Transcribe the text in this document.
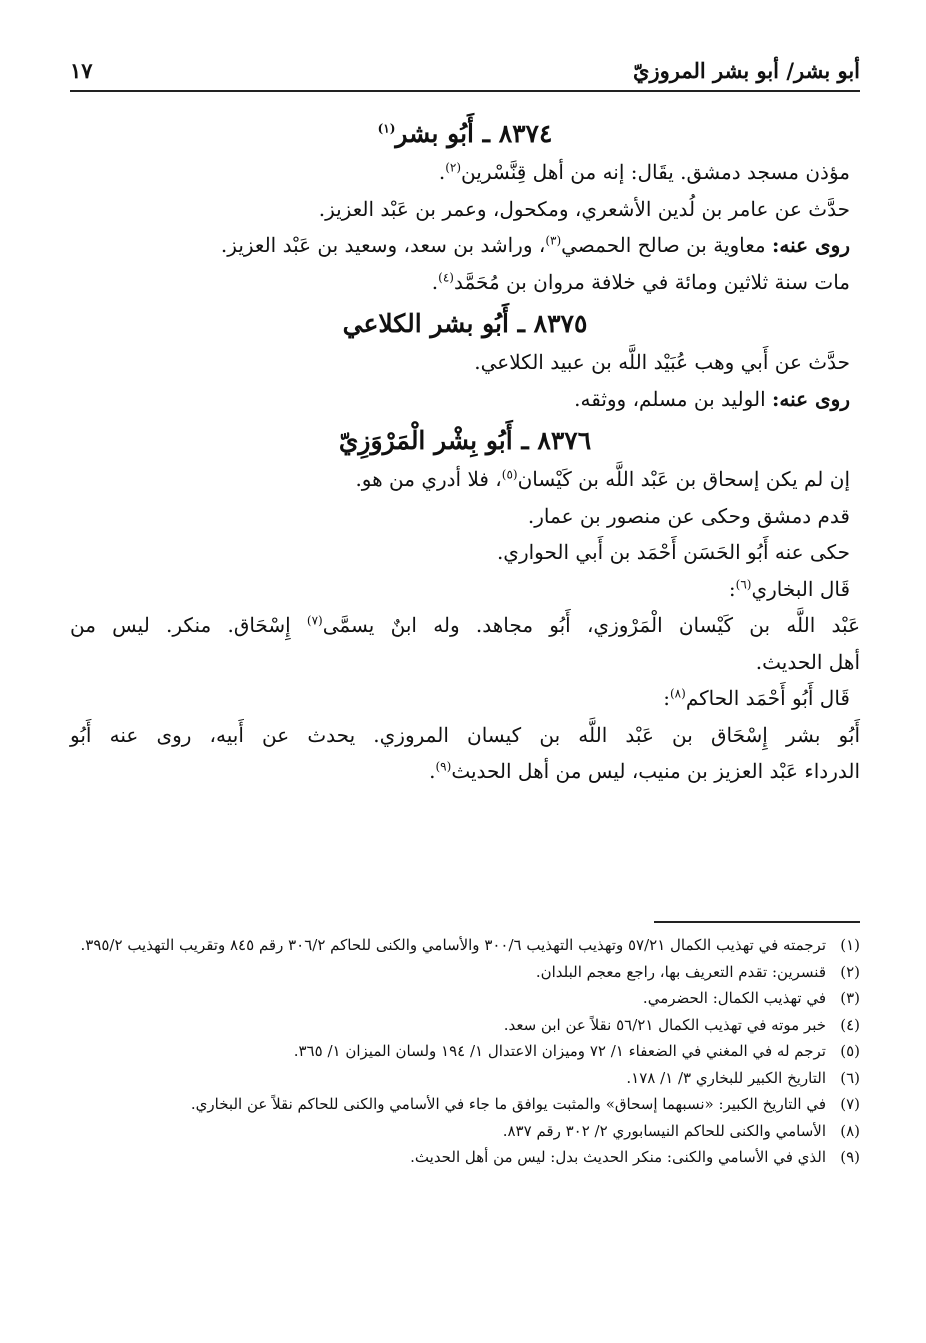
أبو بشر/ أبو بشر المروزيّ
١٧
٨٣٧٤ ـ أَبُو بشر$^{(١)}$
مؤذن مسجد دمشق. يقَال: إنه من أهل قِنَّسْرين$^{(٢)}$.
حدَّث عن عامر بن لُدين الأشعري، ومكحول، وعمر بن عَبْد العزيز.
روى عنه: معاوية بن صالح الحمصي$^{(٣)}$، وراشد بن سعد، وسعيد بن عَبْد العزيز.
مات سنة ثلاثين ومائة في خلافة مروان بن مُحَمَّد$^{(٤)}$.
٨٣٧٥ ـ أَبُو بشر الكلاعي
حدَّث عن أَبي وهب عُبَيْد اللَّه بن عبيد الكلاعي.
روى عنه: الوليد بن مسلم، ووثقه.
٨٣٧٦ ـ أَبُو بِشْر الْمَرْوَزِيّ
إن لم يكن إسحاق بن عَبْد اللَّه بن كَيْسان$^{(٥)}$، فلا أدري من هو.
قدم دمشق وحكى عن منصور بن عمار.
حكى عنه أَبُو الحَسَن أَحْمَد بن أَبي الحواري.
قَال البخاري$^{(٦)}$:
عَبْد اللَّه بن كَيْسان الْمَرْوزي، أَبُو مجاهد. وله ابنٌ يسمَّى$^{(٧)}$ إِسْحَاق. منكر. ليس من
أهل الحديث.
قَال أَبُو أَحْمَد الحاكم$^{(٨)}$:
أَبُو بشر إِسْحَاق بن عَبْد اللَّه بن كيسان المروزي. يحدث عن أَبيه، روى عنه أَبُو
الدرداء عَبْد العزيز بن منيب، ليس من أهل الحديث$^{(٩)}$.
(١)
ترجمته في تهذيب الكمال ٥٧/٢١ وتهذيب التهذيب ٣٠٠/٦ والأسامي والكنى للحاكم ٣٠٦/٢ رقم ٨٤٥ وتقريب التهذيب ٣٩٥/٢.
(٢)
قنسرين: تقدم التعريف بها، راجع معجم البلدان.
(٣)
في تهذيب الكمال: الحضرمي.
(٤)
خبر موته في تهذيب الكمال ٥٦/٢١ نقلاً عن ابن سعد.
(٥)
ترجم له في المغني في الضعفاء ١/ ٧٢ وميزان الاعتدال ١/ ١٩٤ ولسان الميزان ١/ ٣٦٥.
(٦)
التاريخ الكبير للبخاري ٣/ ١/ ١٧٨.
(٧)
في التاريخ الكبير: «نسبهما إسحاق» والمثبت يوافق ما جاء في الأسامي والكنى للحاكم نقلاً عن البخاري.
(٨)
الأسامي والكنى للحاكم النيسابوري ٢/ ٣٠٢ رقم ٨٣٧.
(٩)
الذي في الأسامي والكنى: منكر الحديث بدل: ليس من أهل الحديث.
